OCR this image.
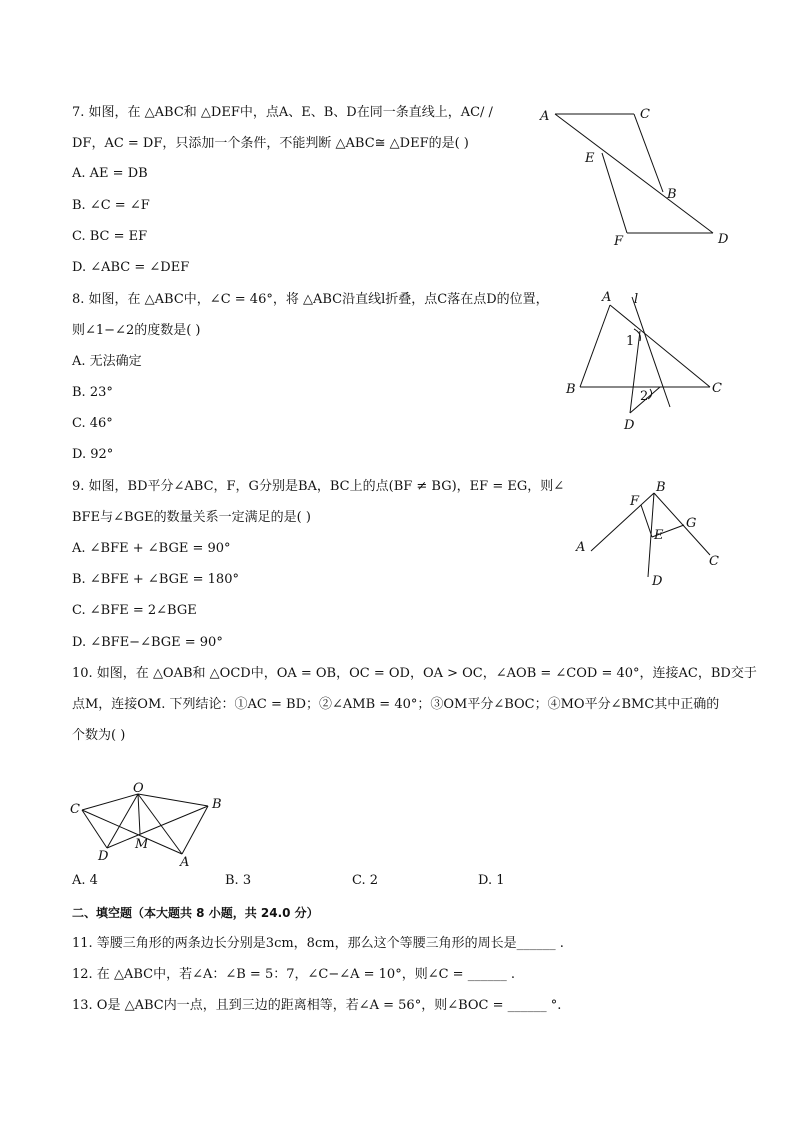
7. 如图，在 △ABC和 △DEF中，点A、E、B、D在同一条直线上，AC/ /
DF，AC = DF，只添加一个条件，不能判断 △ABC≅ △DEF的是( )
A. AE = DB
B. ∠C = ∠F
C. BC = EF
D. ∠ABC = ∠DEF
A	C
E
B
F	D
8. 如图，在 △ABC中，∠C = 46°，将 △ABC沿直线l折叠，点C落在点D的位置，
则∠1−∠2的度数是( )
A. 无法确定
B. 23°
C. 46°
D. 92°
A l
1
B	2
C
D
9. 如图，BD平分∠ABC，F，G分别是BA，BC上的点(BF ≠ BG)，EF = EG，则∠
BFE与∠BGE的数量关系一定满足的是( )
A. ∠BFE + ∠BGE = 90°
B. ∠BFE + ∠BGE = 180°
C. ∠BFE = 2∠BGE
D. ∠BFE−∠BGE = 90°
F
B
G
E
A
C
D
10. 如图，在 △OAB和 △OCD中，OA = OB，OC = OD，OA > OC，∠AOB = ∠COD = 40°，连接AC，BD交于
点M，连接OM. 下列结论：①AC = BD；②∠AMB = 40°；③OM平分∠BOC；④MO平分∠BMC其中正确的
个数为( )
O
C	B
D
M
A
A. 4	B. 3	C. 2	D. 1
二、填空题（本大题共 8 小题，共 24.0 分）
11. 等腰三角形的两条边长分别是3cm，8cm，那么这个等腰三角形的周长是______ .
12. 在 △ABC中，若∠A：∠B = 5：7，∠C−∠A = 10°，则∠C = ______ .
13. O是 △ABC内一点，且到三边的距离相等，若∠A = 56°，则∠BOC = ______ °.
